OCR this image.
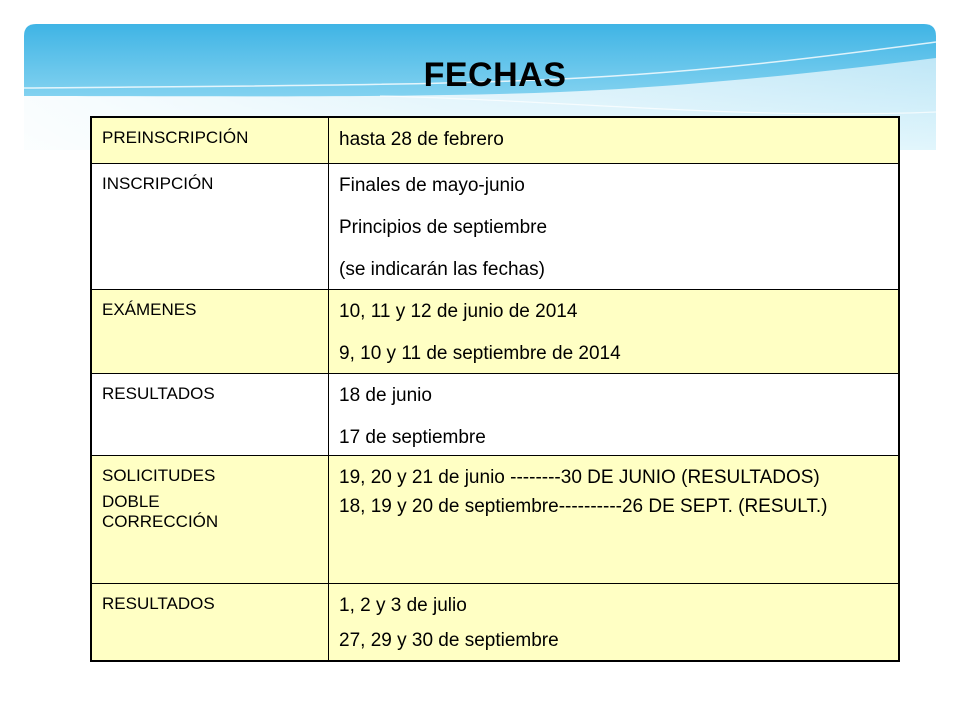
FECHAS
PREINSCRIPCIÓN	hasta 28 de febrero

INSCRIPCIÓN	Finales de mayo-junio
Principios de septiembre
(se indicarán las fechas)

EXÁMENES	10, 11 y 12 de junio de 2014
9, 10 y 11 de septiembre de 2014

RESULTADOS	18 de junio
17 de septiembre

SOLICITUDES
DOBLE CORRECCIÓN	19, 20 y 21 de junio --------30 DE JUNIO (RESULTADOS)
18, 19 y 20 de septiembre----------26 DE SEPT. (RESULT.)

RESULTADOS	1, 2 y 3 de julio
27, 29 y 30 de septiembre
